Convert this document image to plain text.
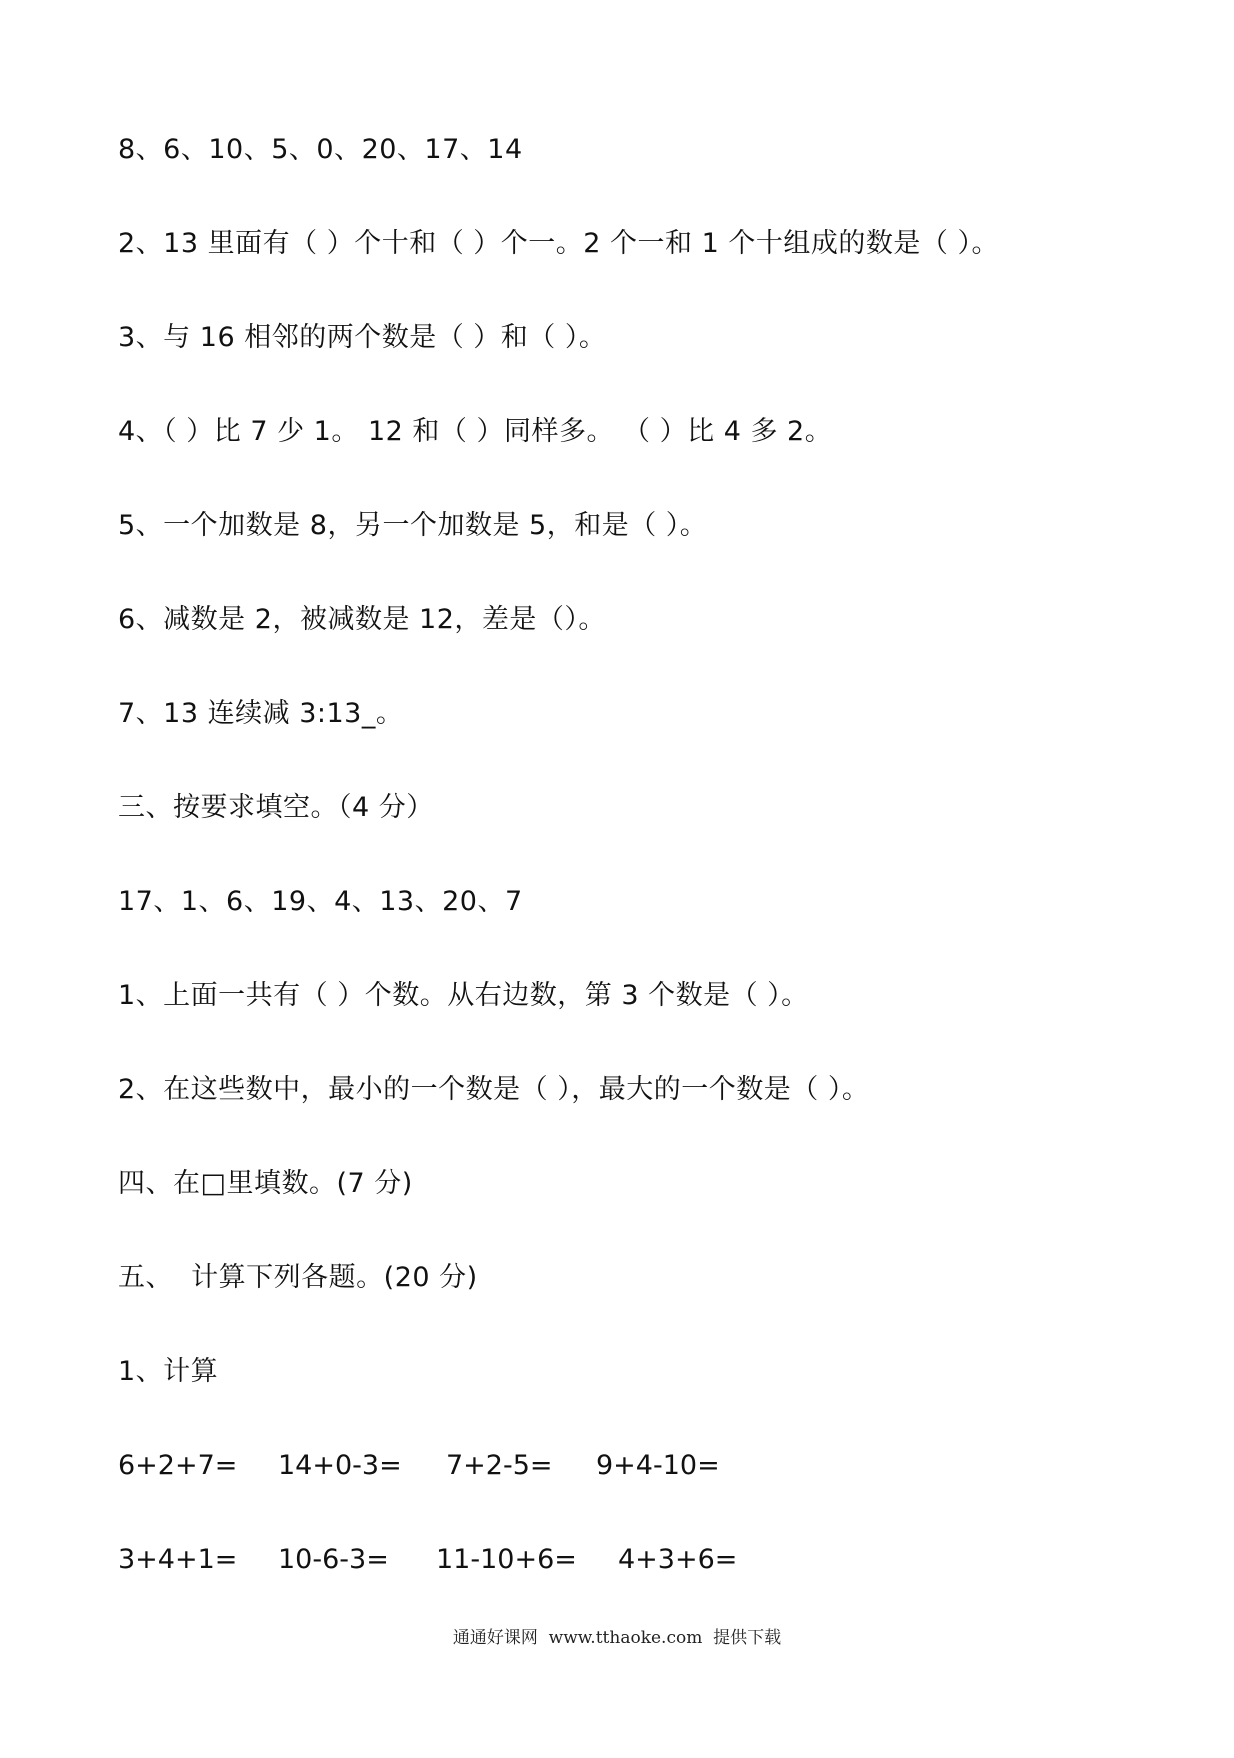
8、6、10、5、0、20、17、14
2、13 里面有（ ）个十和（ ）个一。2 个一和 1 个十组成的数是（ ）。
3、与 16 相邻的两个数是（ ）和（ ）。
4、（ ）比 7 少 1。 12 和（ ）同样多。 （ ）比 4 多 2。
5、一个加数是 8，另一个加数是 5，和是（ ）。
6、减数是 2，被减数是 12，差是（）。
7、13 连续减 3:13_。
三、按要求填空。（4 分）
17、1、6、19、4、13、20、7
1、上面一共有（ ）个数。从右边数，第 3 个数是（ ）。
2、在这些数中，最小的一个数是（ ），最大的一个数是（ ）。
四、在□里填数。(7 分)
五、  计算下列各题。(20 分)
1、计算

6+2+7=

14+0-3=

7+2-5=

9+4-10=

3+4+1=

10-6-3=

11-10+6=

4+3+6=

通通好课网  www.tthaoke.com  提供下载
